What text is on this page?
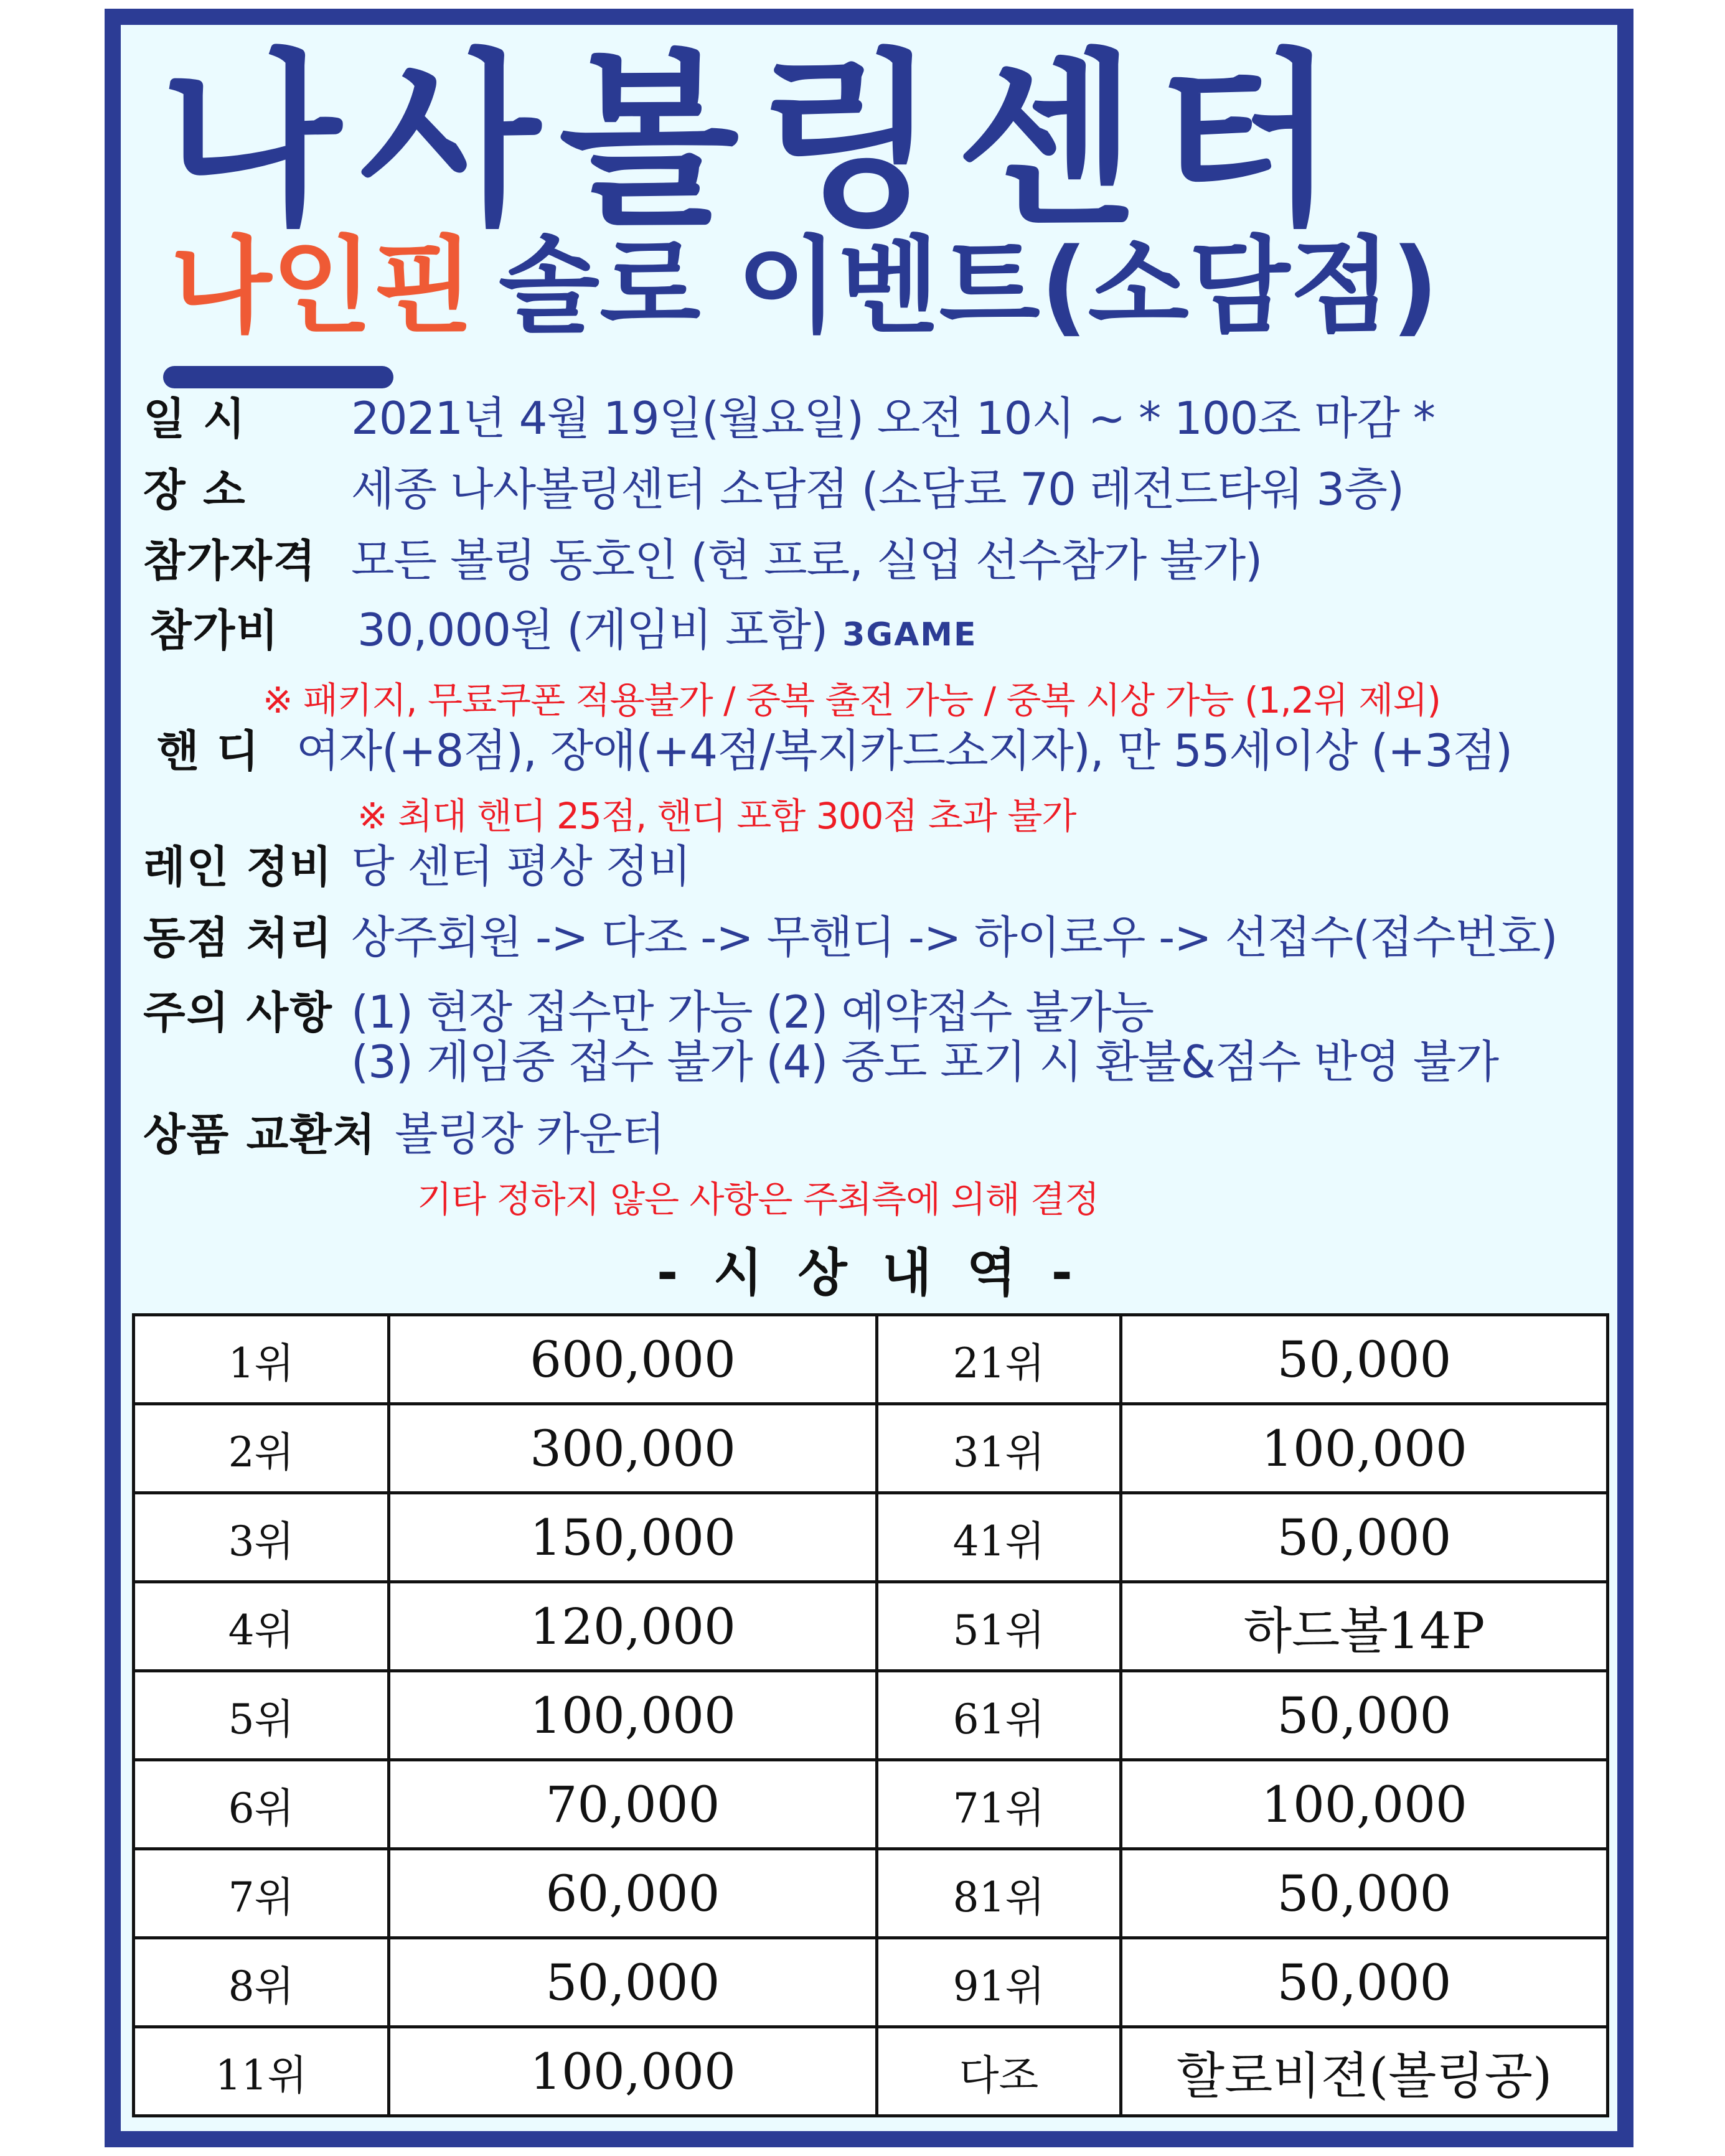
나사볼링센터
나인핀 솔로 이벤트(소담점)
일 시 2021년 4월 19일(월요일) 오전 10시 ~ * 100조 마감 *
장 소 세종 나사볼링센터 소담점 (소담로 70 레전드타워 3층)
참가자격 모든 볼링 동호인 (현 프로, 실업 선수참가 불가)
참가비 30,000원 (게임비 포함) 3GAME
※ 패키지, 무료쿠폰 적용불가 / 중복 출전 가능 / 중복 시상 가능 (1,2위 제외)
핸 디 여자(+8점), 장애(+4점/복지카드소지자), 만 55세이상 (+3점)
※ 최대 핸디 25점, 핸디 포함 300점 초과 불가
레인 정비 당 센터 평상 정비
동점 처리 상주회원 -> 다조 -> 무핸디 -> 하이로우 -> 선접수(접수번호)
주의 사항 (1) 현장 접수만 가능 (2) 예약접수 불가능
(3) 게임중 접수 불가 (4) 중도 포기 시 환불&점수 반영 불가
상품 교환처 볼링장 카운터
기타 정하지 않은 사항은 주최측에 의해 결정
- 시 상 내 역 -
1위	600,000	21위	50,000
2위	300,000	31위	100,000
3위	150,000	41위	50,000
4위	120,000	51위	하드볼14P
5위	100,000	61위	50,000
6위	70,000	71위	100,000
7위	60,000	81위	50,000
8위	50,000	91위	50,000
11위	100,000	다조	할로비젼(볼링공)
